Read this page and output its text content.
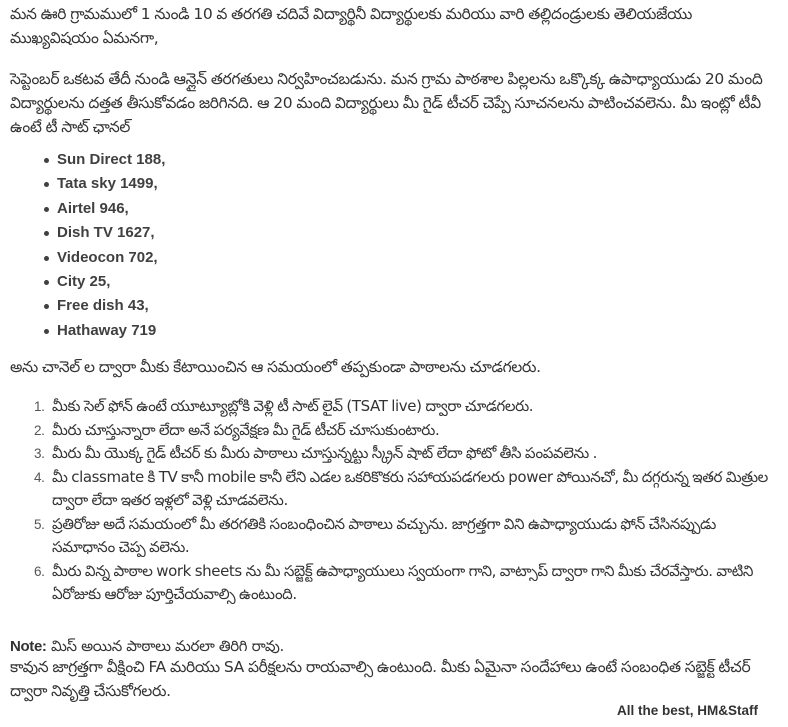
మన ఊరి గ్రామములో 1 నుండి 10 వ తరగతి చదివే విద్యార్థినీ విద్యార్థులకు మరియు వారి తల్లిదండ్రులకు తెలియజేయు ముఖ్యవిషయం ఏమనగా,

సెప్టెంబర్ ఒకటవ తేదీ నుండి ఆన్లైన్ తరగతులు నిర్వహించబడును. మన గ్రామ పాఠశాల పిల్లలను ఒక్కొక్క ఉపాధ్యాయుడు 20 మంది విద్యార్థులను దత్తత తీసుకోవడం జరిగినది. ఆ 20 మంది విద్యార్థులు మీ గైడ్ టీచర్ చెప్పే సూచనలను పాటించవలెను. మీ ఇంట్లో టీవీ ఉంటే టీ సాట్ ఛానల్

Sun Direct 188,
Tata sky 1499,
Airtel 946,
Dish TV 1627,
Videocon 702,
City 25,
Free dish 43,
Hathaway 719

అను చానెల్ ల ద్వారా మీకు కేటాయించిన ఆ సమయంలో తప్పకుండా పాఠాలను చూడగలరు.

1. మీకు సెల్ ఫోన్ ఉంటే యూట్యూబ్లోకి వెళ్లి టీ సాట్ లైవ్ (TSAT live) ద్వారా చూడగలరు.
2. మీరు చూస్తున్నారా లేదా అనే పర్యవేక్షణ మీ గైడ్ టీచర్ చూసుకుంటారు.
3. మీరు మీ యొక్క గైడ్ టీచర్ కు మీరు పాఠాలు చూస్తున్నట్టు స్క్రీన్ షాట్ లేదా ఫోటో తీసి పంపవలెను .
4. మీ classmate కి TV కానీ mobile కానీ లేని ఎడల ఒకరికొకరు సహాయపడగలరు power పోయినచో, మీ దగ్గరున్న ఇతర మిత్రుల ద్వారా లేదా ఇతర ఇళ్లలో వెళ్లి చూడవలెను.
5. ప్రతిరోజు అదే సమయంలో మీ తరగతికి సంబంధించిన పాఠాలు వచ్చును. జాగ్రత్తగా విని ఉపాధ్యాయుడు ఫోన్ చేసినప్పుడు సమాధానం చెప్ప వలెను.
6. మీరు విన్న పాఠాల work sheets ను మీ సబ్జెక్ట్ ఉపాధ్యాయులు స్వయంగా గాని, వాట్సాప్ ద్వారా గాని మీకు చేరవేస్తారు. వాటిని ఏరోజుకు ఆరోజు పూర్తిచేయవాల్సి ఉంటుంది.

Note: మిస్ అయిన పాఠాలు మరలా తిరిగి రావు.

కావున జాగ్రత్తగా వీక్షించి FA మరియు SA పరీక్షలను రాయవాల్సి ఉంటుంది. మీకు ఏమైనా సందేహాలు ఉంటే సంబంధిత సబ్జెక్ట్ టీచర్ ద్వారా నివృత్తి చేసుకోగలరు.

All the best, HM&Staff
